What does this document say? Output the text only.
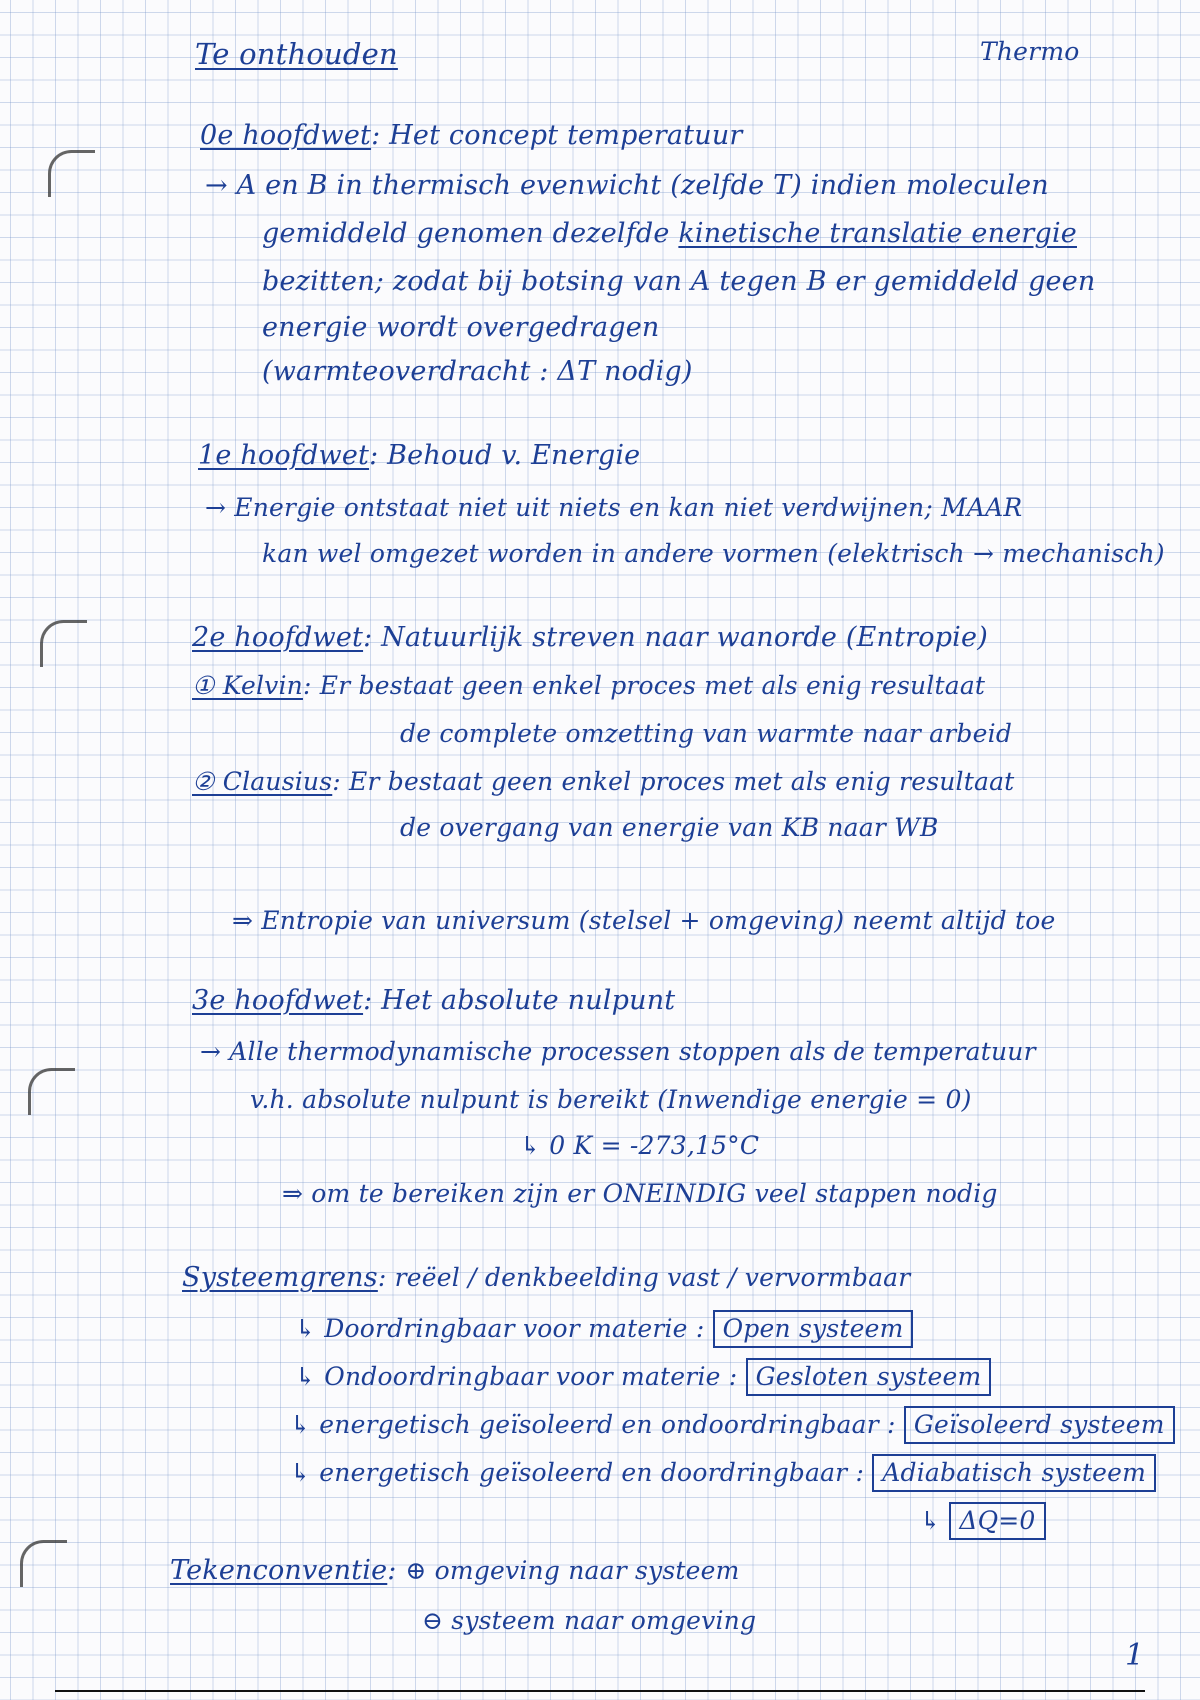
Te onthouden	Thermo
0e hoofdwet: Het concept temperatuur
→ A en B in thermisch evenwicht (zelfde T) indien moleculen
gemiddeld genomen dezelfde kinetische translatie energie
bezitten; zodat bij botsing van A tegen B er gemiddeld geen
energie wordt overgedragen
(warmteoverdracht : ΔT nodig)
1e hoofdwet: Behoud v. Energie
→ Energie ontstaat niet uit niets en kan niet verdwijnen; MAAR
kan wel omgezet worden in andere vormen (elektrisch → mechanisch)
2e hoofdwet: Natuurlijk streven naar wanorde (Entropie)
① Kelvin: Er bestaat geen enkel proces met als enig resultaat
de complete omzetting van warmte naar arbeid
② Clausius: Er bestaat geen enkel proces met als enig resultaat
de overgang van energie van KB naar WB
⇒ Entropie van universum (stelsel + omgeving) neemt altijd toe
3e hoofdwet: Het absolute nulpunt
→ Alle thermodynamische processen stoppen als de temperatuur
v.h. absolute nulpunt is bereikt (Inwendige energie = 0)
↳ 0 K = -273,15°C
⇒ om te bereiken zijn er ONEINDIG veel stappen nodig
Systeemgrens: reëel / denkbeelding vast / vervormbaar
↳ Doordringbaar voor materie : Open systeem
↳ Ondoordringbaar voor materie : Gesloten systeem
↳ energetisch geïsoleerd en ondoordringbaar : Geïsoleerd systeem
↳ energetisch geïsoleerd en doordringbaar : Adiabatisch systeem
↳ ΔQ=0
Tekenconventie: ⊕ omgeving naar systeem
⊖ systeem naar omgeving
1
